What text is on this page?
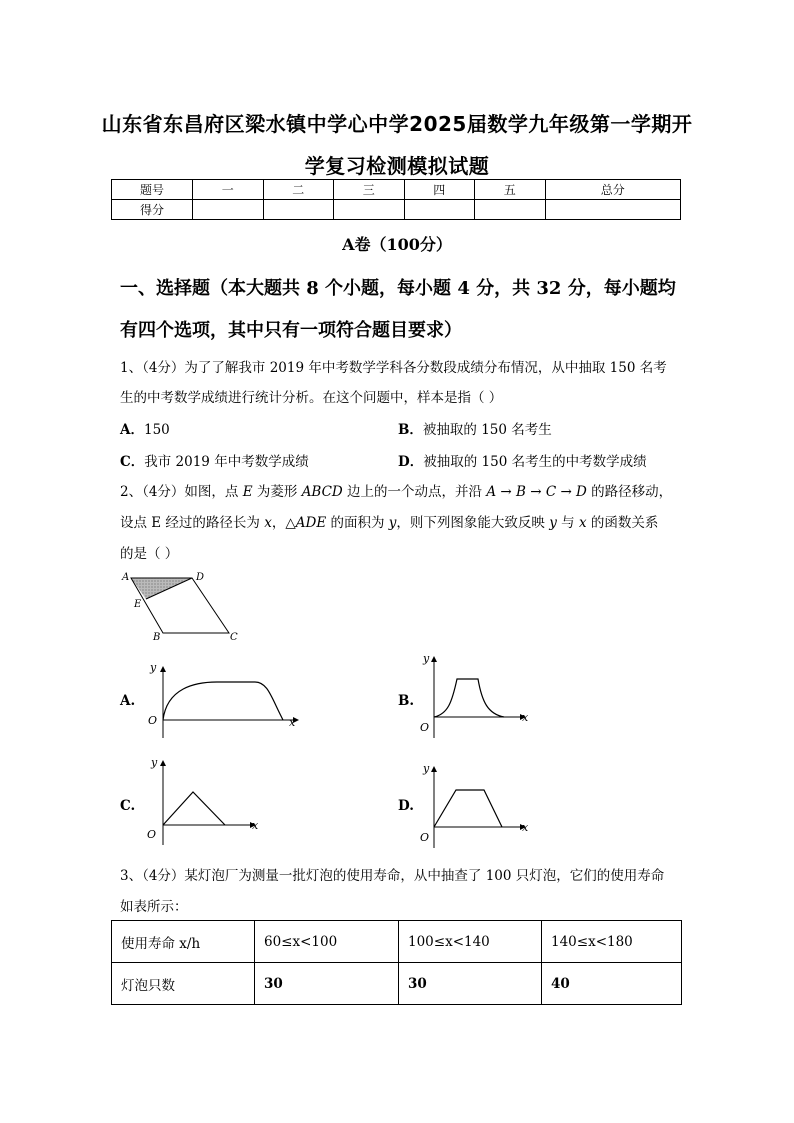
山东省东昌府区梁水镇中学心中学2025届数学九年级第一学期开
学复习检测模拟试题
题号	一	二	三	四	五	总分
得分						
A卷（100分）
一、选择题（本大题共 8 个小题，每小题 4 分，共 32 分，每小题均
有四个选项，其中只有一项符合题目要求）
1、（4分）为了了解我市 2019 年中考数学学科各分数段成绩分布情况，从中抽取 150 名考
生的中考数学成绩进行统计分析。在这个问题中，样本是指（ ）
A．150	B．被抽取的 150 名考生
C．我市 2019 年中考数学成绩	D．被抽取的 150 名考生的中考数学成绩
2、（4分）如图，点 E 为菱形 ABCD 边上的一个动点，并沿 A → B → C → D 的路径移动，
设点 E 经过的路径长为 x，△ADE 的面积为 y，则下列图象能大致反映 y 与 x 的函数关系
的是（ ）
A	D
E
B	C
A.
y
O	x
B.
y
O
x
C.
y
O
x
D.
y
O
x
3、（4分）某灯泡厂为测量一批灯泡的使用寿命，从中抽查了 100 只灯泡，它们的使用寿命
如表所示：
使用寿命 x/h	60≤x<100	100≤x<140	140≤x<180
灯泡只数	30	30	40
